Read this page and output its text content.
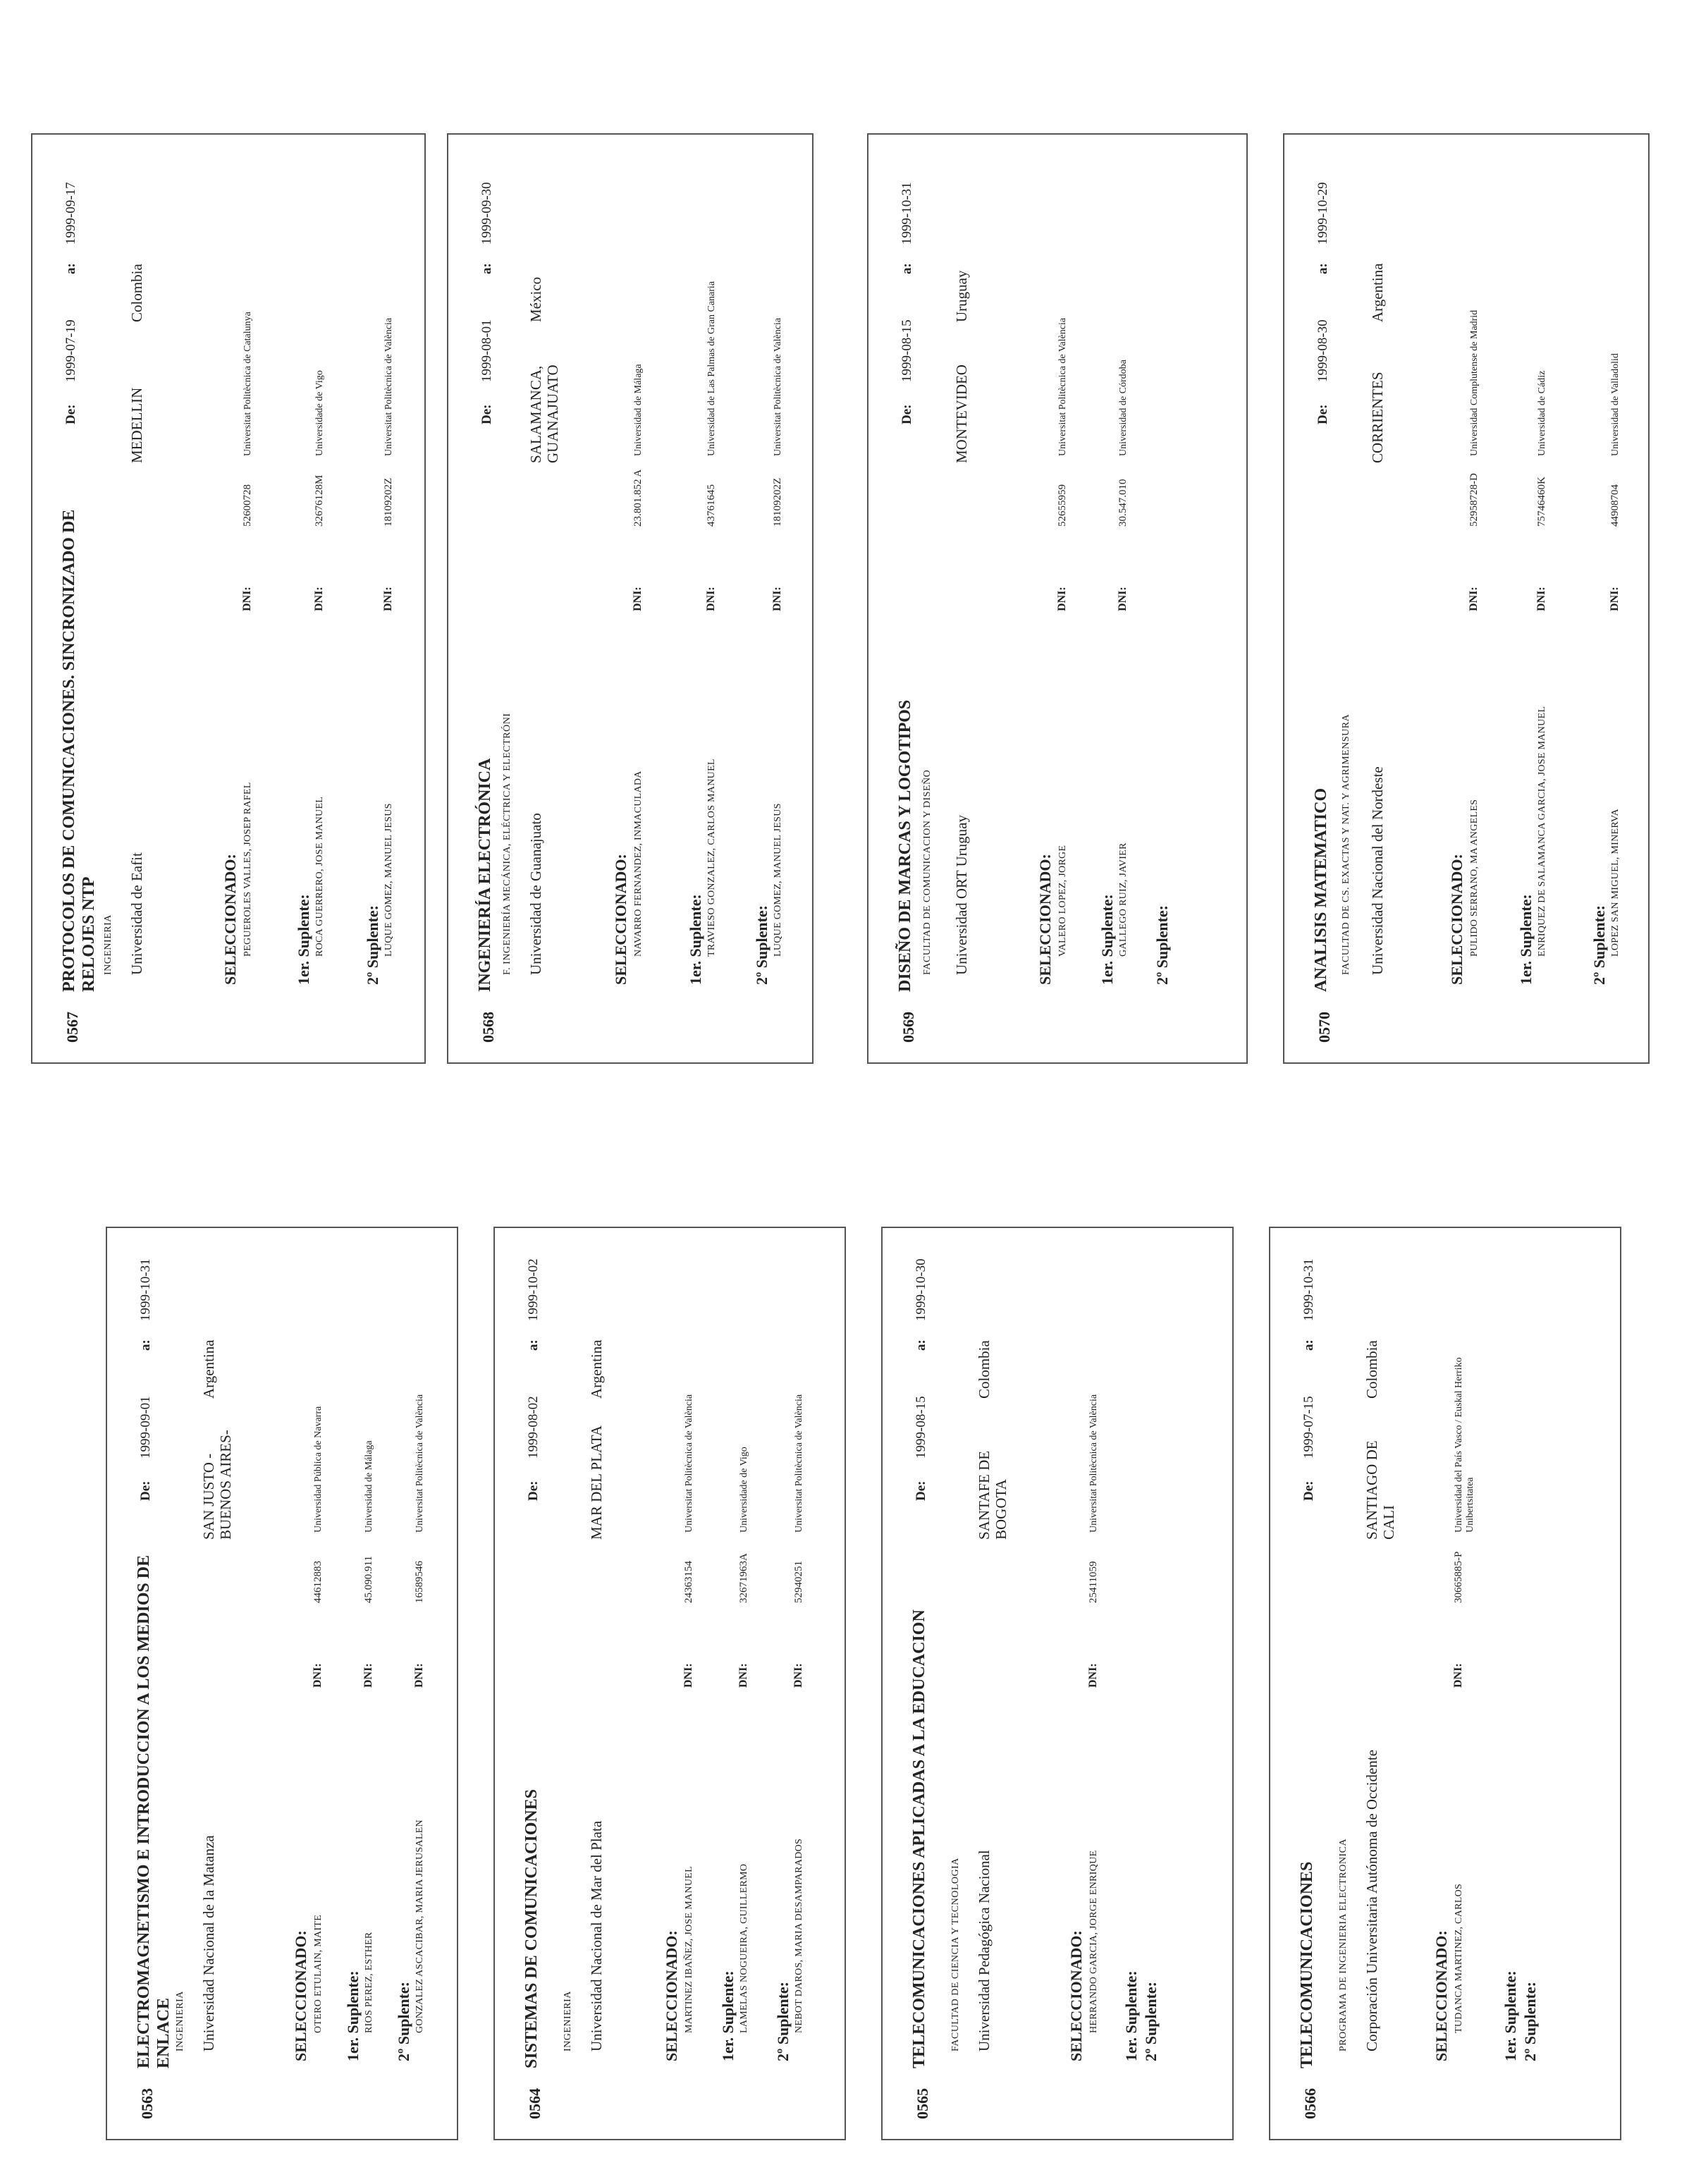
0563
ELECTROMAGNETISMO E INTRODUCCION A LOS MEDIOS DE ENLACE INGENIERIA Universidad Nacional de la Matanza
De:
1999-09-01
a:
1999-10-31
SAN JUSTO -BUENOS AIRES-
Argentina
SELECCIONADO: OTERO ETULAIN, MAITE
DNI:
44612883
Universidad Pública de Navarra
1er. Suplente: RIOS PEREZ, ESTHER
DNI:
45.090.911
Universidad de Málaga
2º Suplente: GONZALEZ ASCACIBAR, MARIA JERUSALEN
DNI:
16589546
Universitat Politècnica de València
0564
SISTEMAS DE COMUNICACIONES INGENIERIA Universidad Nacional de Mar del Plata
De:
1999-08-02
a:
1999-10-02
MAR DEL PLATA
Argentina
SELECCIONADO: MARTINEZ IBAÑEZ, JOSE MANUEL
DNI:
24363154
Universitat Politècnica de València
1er. Suplente: LAMELAS NOGUEIRA, GUILLERMO
DNI:
32671963A
Universidade de Vigo
2º Suplente: NEBOT DAROS, MARIA DESAMPARADOS
DNI:
52940251
Universitat Politècnica de València
0565
TELECOMUNICACIONES APLICADAS A LA EDUCACION FACULTAD DE CIENCIA Y TECNOLOGIA Universidad Pedagógica Nacional
De:
1999-08-15
a:
1999-10-30
SANTAFE DE BOGOTA
Colombia
SELECCIONADO: HERRANDO GARCIA, JORGE ENRIQUE
DNI:
25411059
Universitat Politècnica de València
1er. Suplente: 2º Suplente:
0566
TELECOMUNICACIONES PROGRAMA DE INGENIERIA ELECTRONICA Corporación Universitaria Autónoma de Occidente
De:
1999-07-15
a:
1999-10-31
SANTIAGO DE CALI
Colombia
SELECCIONADO: TUDANCA MARTINEZ, CARLOS
DNI:
30665885-P
Universidad del País Vasco / Euskal Herriko Unibertsitatea
1er. Suplente: 2º Suplente:
0567
PROTOCOLOS DE COMUNICACIONES. SINCRONIZADO DE RELOJES NTP INGENIERIA Universidad de Eafit
De:
1999-07-19
a:
1999-09-17
MEDELLIN
Colombia
SELECCIONADO: PEGUEROLES VALLES, JOSEP RAFEL
DNI:
52600728
Universitat Politècnica de Catalunya
1er. Suplente: ROCA GUERRERO, JOSE MANUEL
DNI:
32676128M
Universidade de Vigo
2º Suplente: LUQUE GOMEZ, MANUEL JESUS
DNI:
18109202Z
Universitat Politècnica de València
0568
INGENIERÍA ELECTRÓNICA F. INGENIERÍA MECÁNICA, ELÉCTRICA Y ELECTRÓNI Universidad de Guanajuato
De:
1999-08-01
a:
1999-09-30
SALAMANCA, GUANAJUATO
México
SELECCIONADO: NAVARRO FERNANDEZ, INMACULADA
DNI:
23.801.852 A
Universidad de Málaga
1er. Suplente: TRAVIESO GONZALEZ, CARLOS MANUEL
DNI:
43761645
Universidad de Las Palmas de Gran Canaria
2º Suplente: LUQUE GOMEZ, MANUEL JESUS
DNI:
18109202Z
Universitat Politècnica de València
0569
DISEÑO DE MARCAS Y LOGOTIPOS FACULTAD DE COMUNICACION Y DISEÑO Universidad ORT Uruguay
De:
1999-08-15
a:
1999-10-31
MONTEVIDEO
Uruguay
SELECCIONADO: VALERO LOPEZ, JORGE
DNI:
52655959
Universitat Politècnica de València
1er. Suplente: GALLEGO RUIZ, JAVIER
DNI:
30.547.010
Universidad de Córdoba
2º Suplente:
0570
ANALISIS MATEMATICO FACULTAD DE CS. EXACTAS Y NAT. Y AGRIMENSURA Universidad Nacional del Nordeste
De:
1999-08-30
a:
1999-10-29
CORRIENTES
Argentina
SELECCIONADO: PULIDO SERRANO, MA ANGELES
DNI:
52958728-D
Universidad Complutense de Madrid
1er. Suplente: ENRIQUEZ DE SALAMANCA GARCIA, JOSE MANUEL
DNI:
75746460K
Universidad de Cádiz
2º Suplente: LOPEZ SAN MIGUEL, MINERVA
DNI:
44908704
Universidad de Valladolid
